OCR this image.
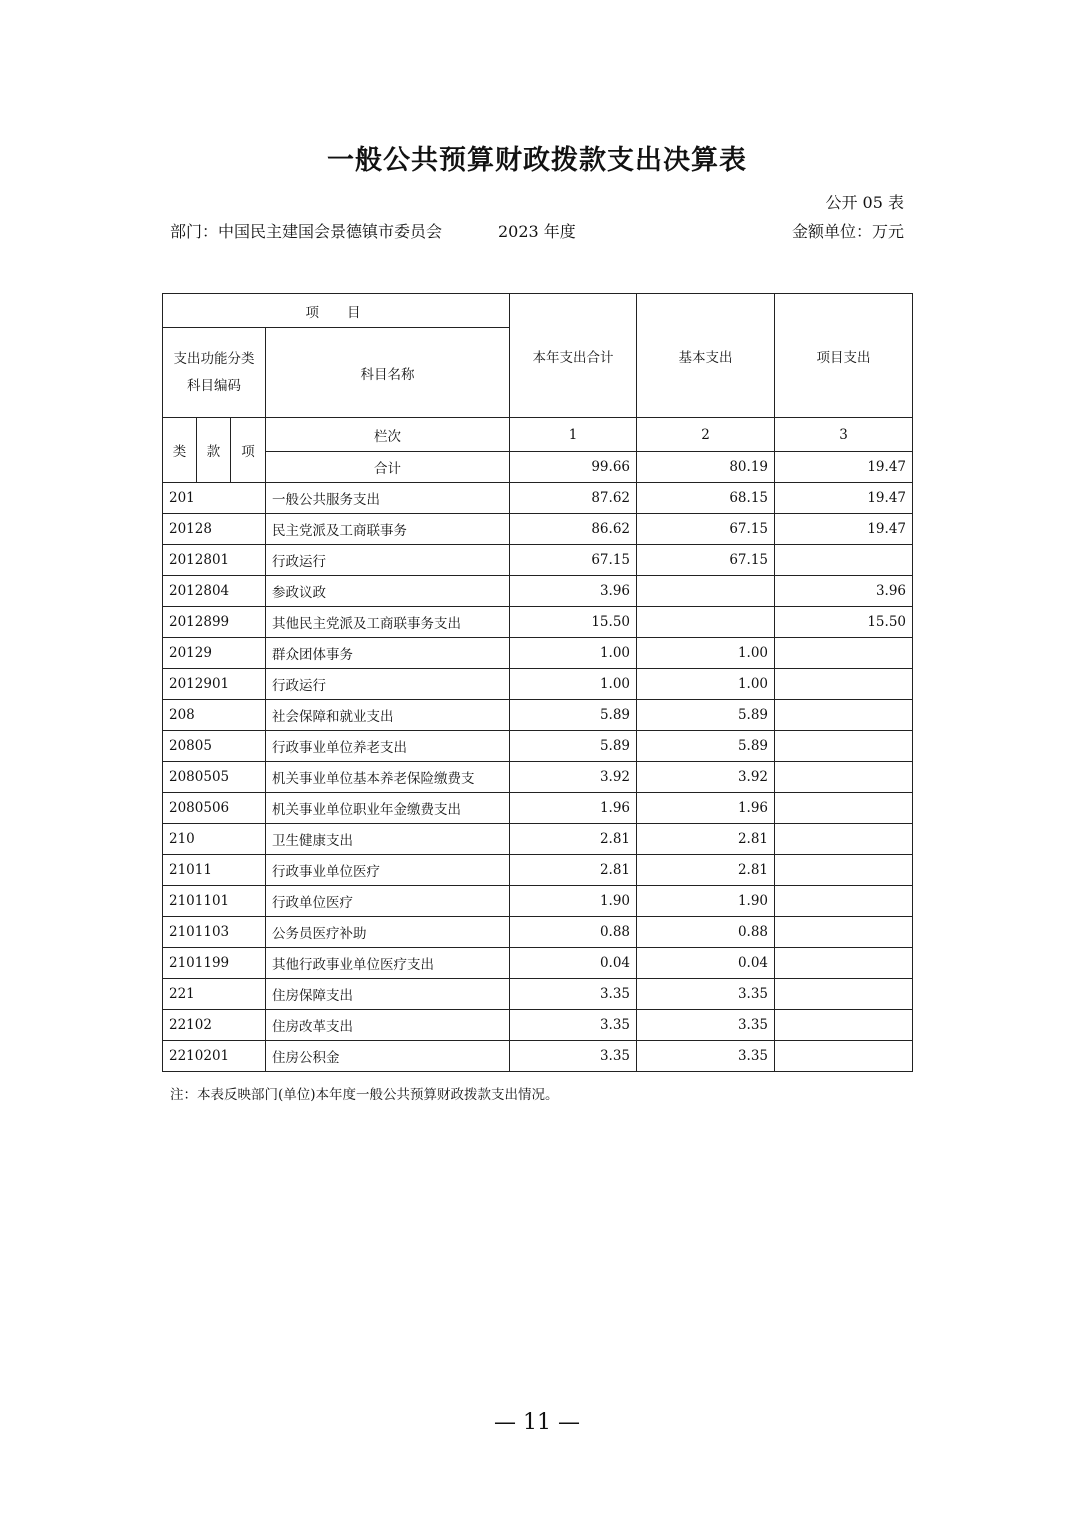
一般公共预算财政拨款支出决算表
公开 05 表
部门：中国民主建国会景德镇市委员会	2023 年度	金额单位：万元
项目				本年支出合计	基本支出	项目支出
支出功能分类科目编码			科目名称			
类	款	项	栏次	1	2	3
			合计	99.66	80.19	19.47
201			一般公共服务支出	87.62	68.15	19.47
20128			民主党派及工商联事务	86.62	67.15	19.47
2012801			行政运行	67.15	67.15	
2012804			参政议政	3.96		3.96
2012899			其他民主党派及工商联事务支出	15.50		15.50
20129			群众团体事务	1.00	1.00	
2012901			行政运行	1.00	1.00	
208			社会保障和就业支出	5.89	5.89	
20805			行政事业单位养老支出	5.89	5.89	
2080505			机关事业单位基本养老保险缴费支	3.92	3.92	
2080506			机关事业单位职业年金缴费支出	1.96	1.96	
210			卫生健康支出	2.81	2.81	
21011			行政事业单位医疗	2.81	2.81	
2101101			行政单位医疗	1.90	1.90	
2101103			公务员医疗补助	0.88	0.88	
2101199			其他行政事业单位医疗支出	0.04	0.04	
221			住房保障支出	3.35	3.35	
22102			住房改革支出	3.35	3.35	
2210201			住房公积金	3.35	3.35	
注：本表反映部门(单位)本年度一般公共预算财政拨款支出情况。
— 11 —
